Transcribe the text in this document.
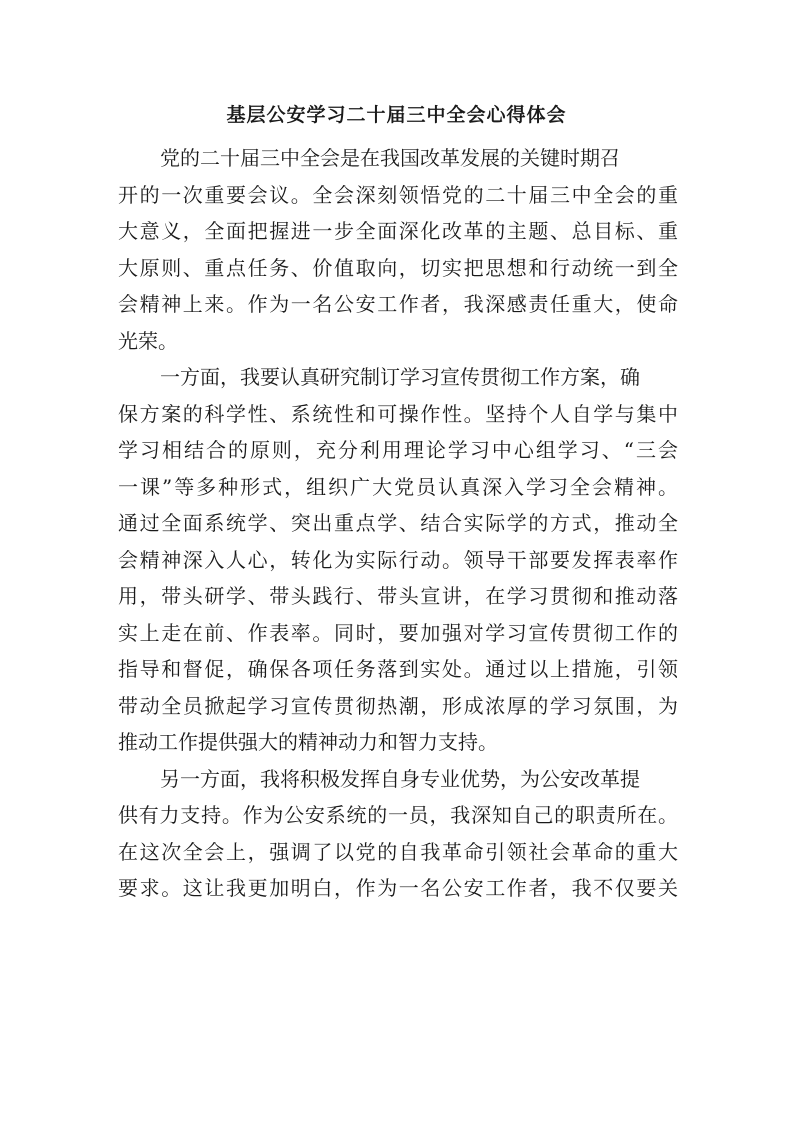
基层公安学习二十届三中全会心得体会
党的二十届三中全会是在我国改革发展的关键时期召
开的一次重要会议。全会深刻领悟党的二十届三中全会的重
大意义，全面把握进一步全面深化改革的主题、总目标、重
大原则、重点任务、价值取向，切实把思想和行动统一到全
会精神上来。作为一名公安工作者，我深感责任重大，使命
光荣。
一方面，我要认真研究制订学习宣传贯彻工作方案，确
保方案的科学性、系统性和可操作性。坚持个人自学与集中
学习相结合的原则，充分利用理论学习中心组学习、“三会
一课”等多种形式，组织广大党员认真深入学习全会精神。
通过全面系统学、突出重点学、结合实际学的方式，推动全
会精神深入人心，转化为实际行动。领导干部要发挥表率作
用，带头研学、带头践行、带头宣讲，在学习贯彻和推动落
实上走在前、作表率。同时，要加强对学习宣传贯彻工作的
指导和督促，确保各项任务落到实处。通过以上措施，引领
带动全员掀起学习宣传贯彻热潮，形成浓厚的学习氛围，为
推动工作提供强大的精神动力和智力支持。
另一方面，我将积极发挥自身专业优势，为公安改革提
供有力支持。作为公安系统的一员，我深知自己的职责所在。
在这次全会上，强调了以党的自我革命引领社会革命的重大
要求。这让我更加明白，作为一名公安工作者，我不仅要关
